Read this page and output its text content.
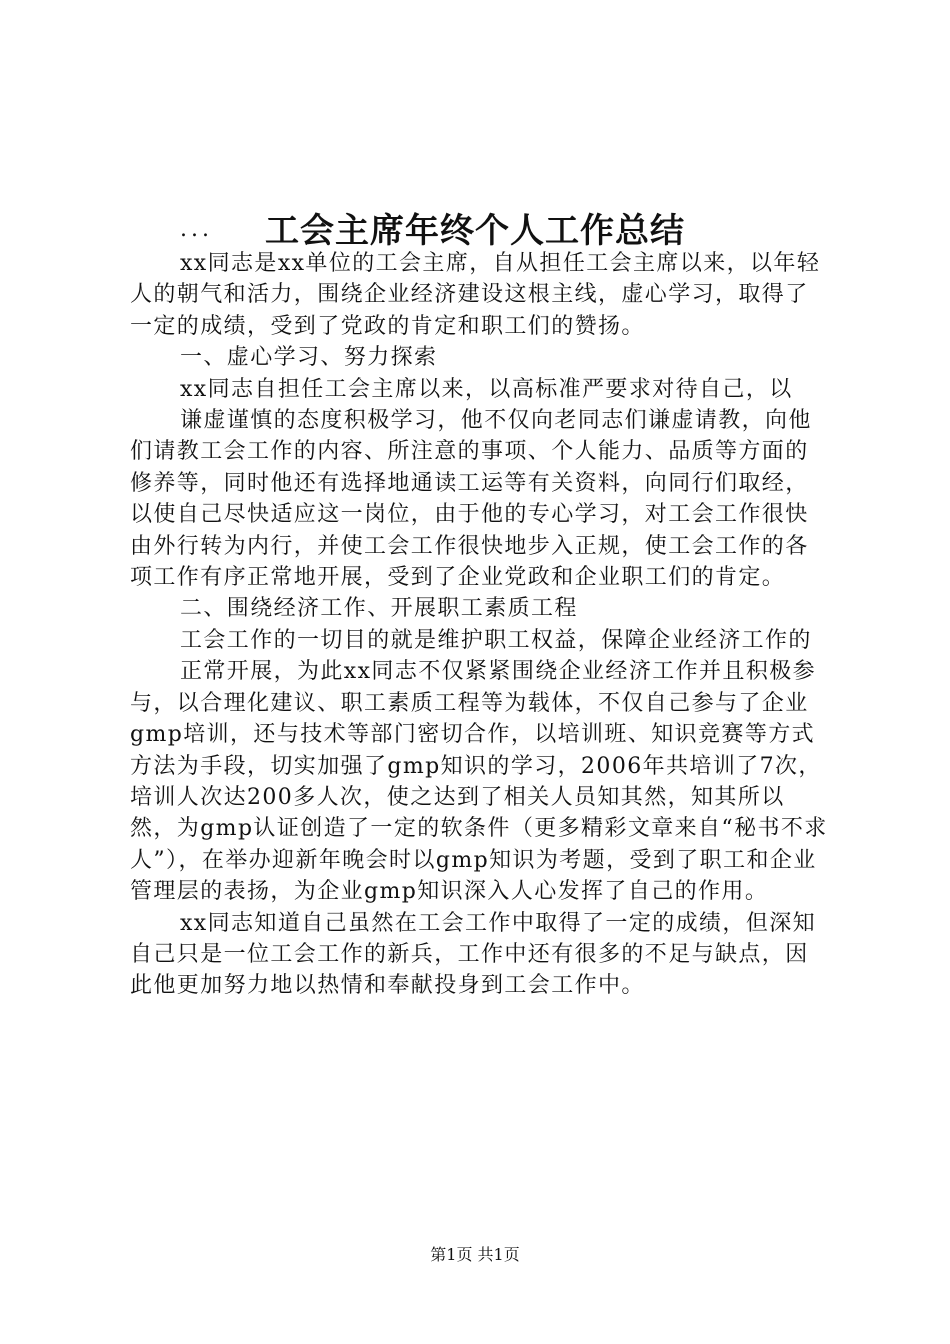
工会主席年终个人工作总结

...

xx同志是xx单位的工会主席，自从担任工会主席以来，以年轻人的朝气和活力，围绕企业经济建设这根主线，虚心学习，取得了一定的成绩，受到了党政的肯定和职工们的赞扬。

一、虚心学习、努力探索

xx同志自担任工会主席以来，以高标准严要求对待自己，以

谦虚谨慎的态度积极学习，他不仅向老同志们谦虚请教，向他们请教工会工作的内容、所注意的事项、个人能力、品质等方面的修养等，同时他还有选择地通读工运等有关资料，向同行们取经，以使自己尽快适应这一岗位，由于他的专心学习，对工会工作很快由外行转为内行，并使工会工作很快地步入正规，使工会工作的各项工作有序正常地开展，受到了企业党政和企业职工们的肯定。

二、围绕经济工作、开展职工素质工程

工会工作的一切目的就是维护职工权益，保障企业经济工作的

正常开展，为此xx同志不仅紧紧围绕企业经济工作并且积极参与，以合理化建议、职工素质工程等为载体，不仅自己参与了企业gmp培训，还与技术等部门密切合作，以培训班、知识竞赛等方式方法为手段，切实加强了gmp知识的学习，2006年共培训了7次，培训人次达200多人次，使之达到了相关人员知其然，知其所以然，为gmp认证创造了一定的软条件（更多精彩文章来自“秘书不求人”），在举办迎新年晚会时以gmp知识为考题，受到了职工和企业管理层的表扬，为企业gmp知识深入人心发挥了自己的作用。

xx同志知道自己虽然在工会工作中取得了一定的成绩，但深知自己只是一位工会工作的新兵，工作中还有很多的不足与缺点，因此他更加努力地以热情和奉献投身到工会工作中。

第1页 共1页
